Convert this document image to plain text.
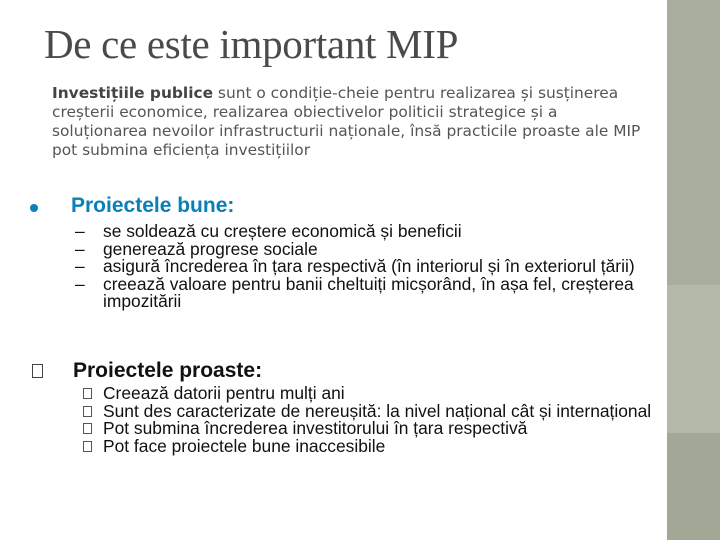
De ce este important MIP

Investițiile publice sunt o condiție-cheie pentru realizarea și susținerea creșterii economice, realizarea obiectivelor politicii strategice și a soluționarea nevoilor infrastructurii naționale, însă practicile proaste ale MIP pot submina eficiența investițiilor

Proiectele bune:
– se soldează cu creștere economică și beneficii
– generează progrese sociale
– asigură încrederea în țara respectivă (în interiorul și în exteriorul țării)
– creează valoare pentru banii cheltuiți micșorând, în așa fel, creșterea impozitării
Proiectele proaste:
Creează datorii pentru mulți ani
Sunt des caracterizate de nereușită: la nivel național cât și internațional
Pot submina încrederea investitorului în țara respectivă
Pot face proiectele bune inaccesibile
